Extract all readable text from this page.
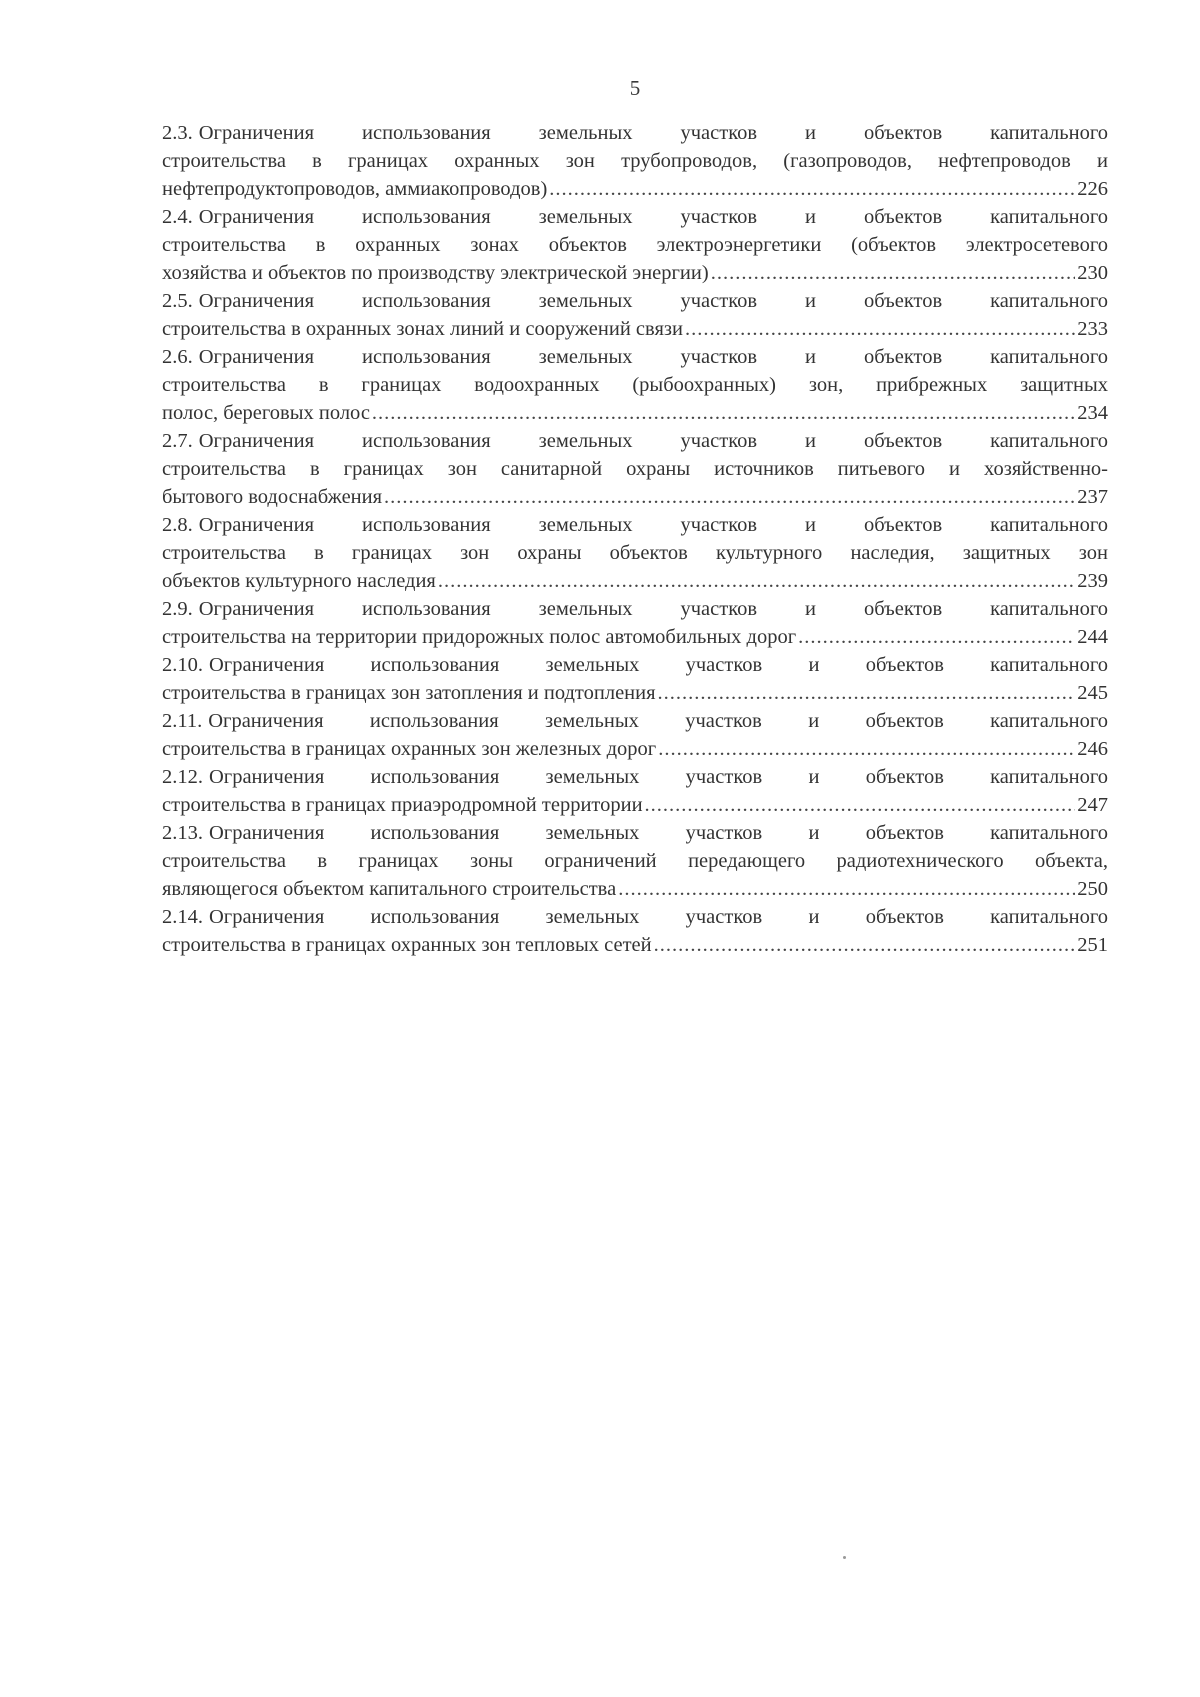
5
2.3. Ограничения использования земельных участков и объектов капитального
строительства в границах охранных зон трубопроводов, (газопроводов, нефтепроводов и
нефтепродуктопроводов, аммиакопроводов) .....	226
2.4. Ограничения использования земельных участков и объектов капитального
строительства в охранных зонах объектов электроэнергетики (объектов электросетевого
хозяйства и объектов по производству электрической энергии) .....	230
2.5. Ограничения использования земельных участков и объектов капитального
строительства в охранных зонах линий и сооружений связи .....	233
2.6. Ограничения использования земельных участков и объектов капитального
строительства в границах водоохранных (рыбоохранных) зон, прибрежных защитных
полос, береговых полос .....	234
2.7. Ограничения использования земельных участков и объектов капитального
строительства в границах зон санитарной охраны источников питьевого и хозяйственно-
бытового водоснабжения .....	237
2.8. Ограничения использования земельных участков и объектов капитального
строительства в границах зон охраны объектов культурного наследия, защитных зон
объектов культурного наследия .....	239
2.9. Ограничения использования земельных участков и объектов капитального
строительства на территории придорожных полос автомобильных дорог .....	244
2.10. Ограничения использования земельных участков и объектов капитального
строительства в границах зон затопления и подтопления .....	245
2.11. Ограничения использования земельных участков и объектов капитального
строительства в границах охранных зон железных дорог .....	246
2.12. Ограничения использования земельных участков и объектов капитального
строительства в границах приаэродромной территории .....	247
2.13. Ограничения использования земельных участков и объектов капитального
строительства в границах зоны ограничений передающего радиотехнического объекта,
являющегося объектом капитального строительства .....	250
2.14. Ограничения использования земельных участков и объектов капитального
строительства в границах охранных зон тепловых сетей .....	251
